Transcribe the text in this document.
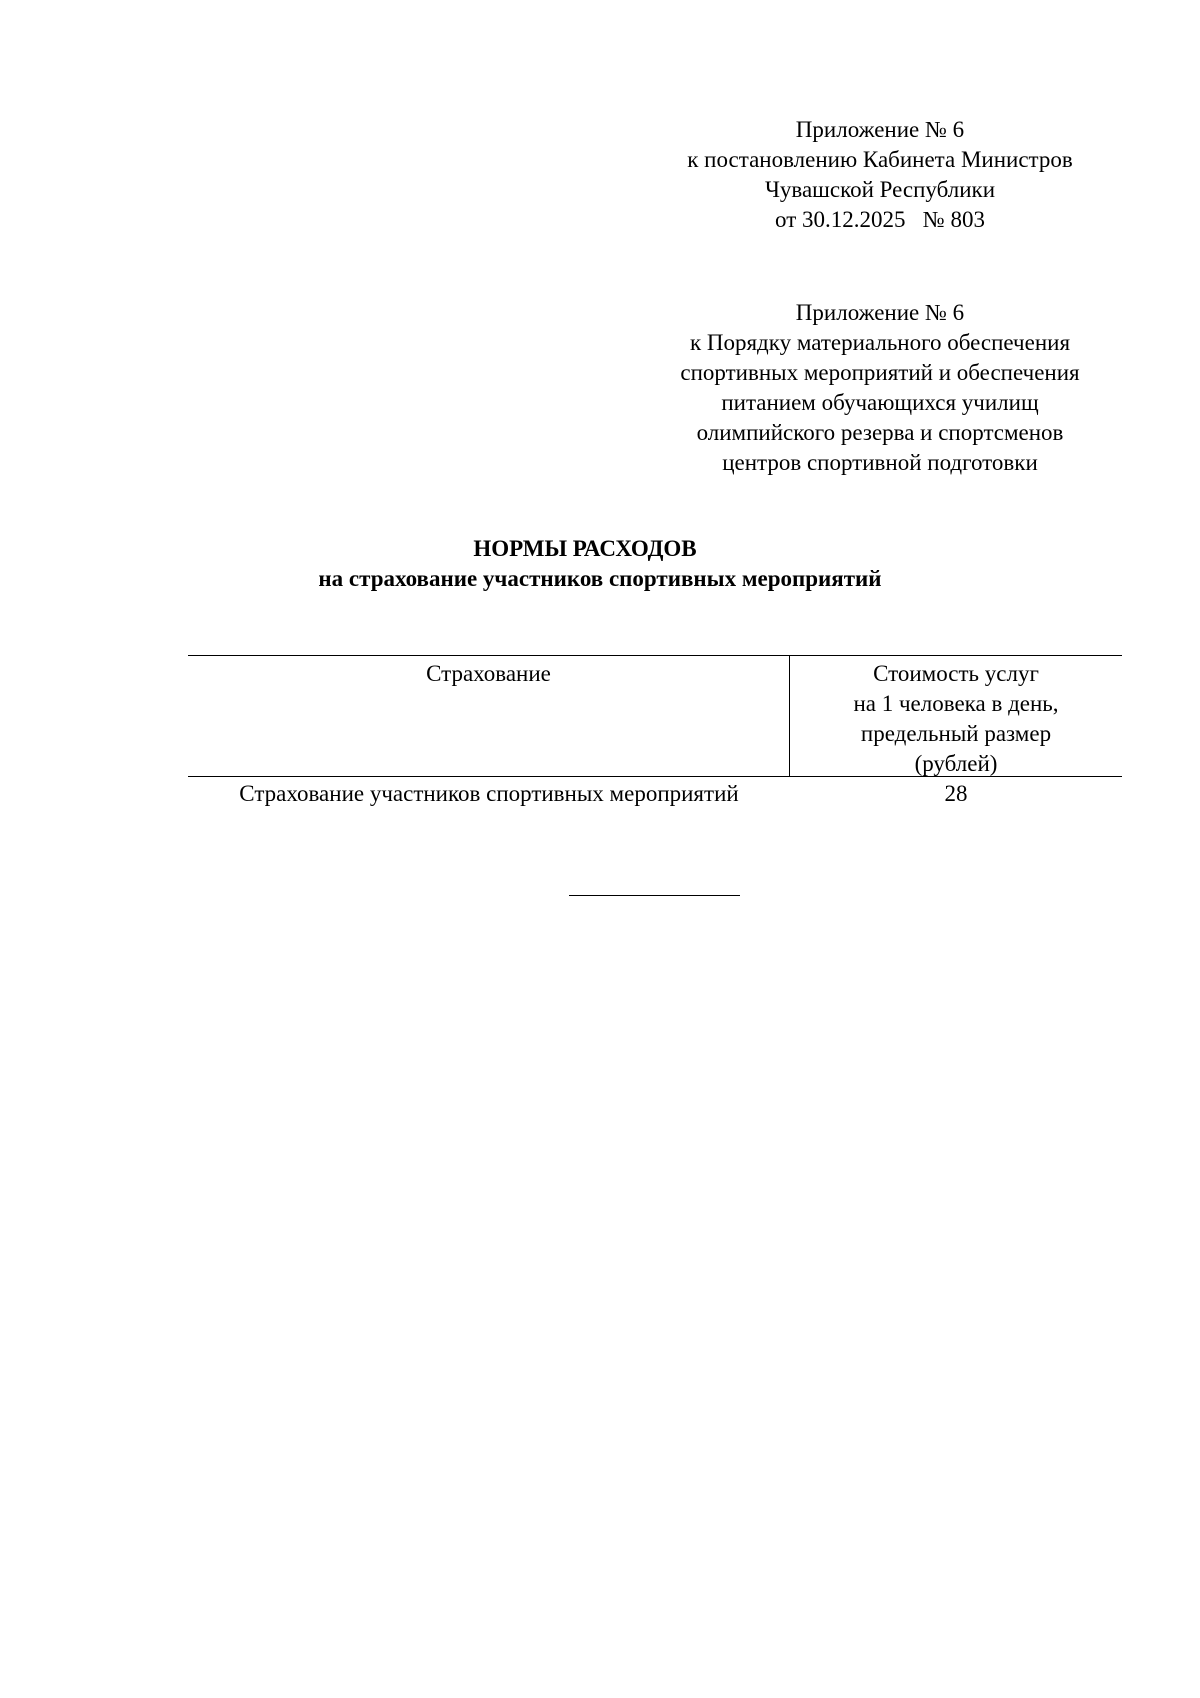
Приложение № 6
к постановлению Кабинета Министров
Чувашской Республики
от 30.12.2025   № 803
Приложение № 6
к Порядку материального обеспечения
спортивных мероприятий и обеспечения
питанием обучающихся училищ
олимпийского резерва и спортсменов
центров спортивной подготовки
НОРМЫ РАСХОДОВ
на страхование участников спортивных мероприятий
Страхование	Стоимость услуг
на 1 человека в день,
предельный размер
(рублей)
Страхование участников спортивных мероприятий	28
